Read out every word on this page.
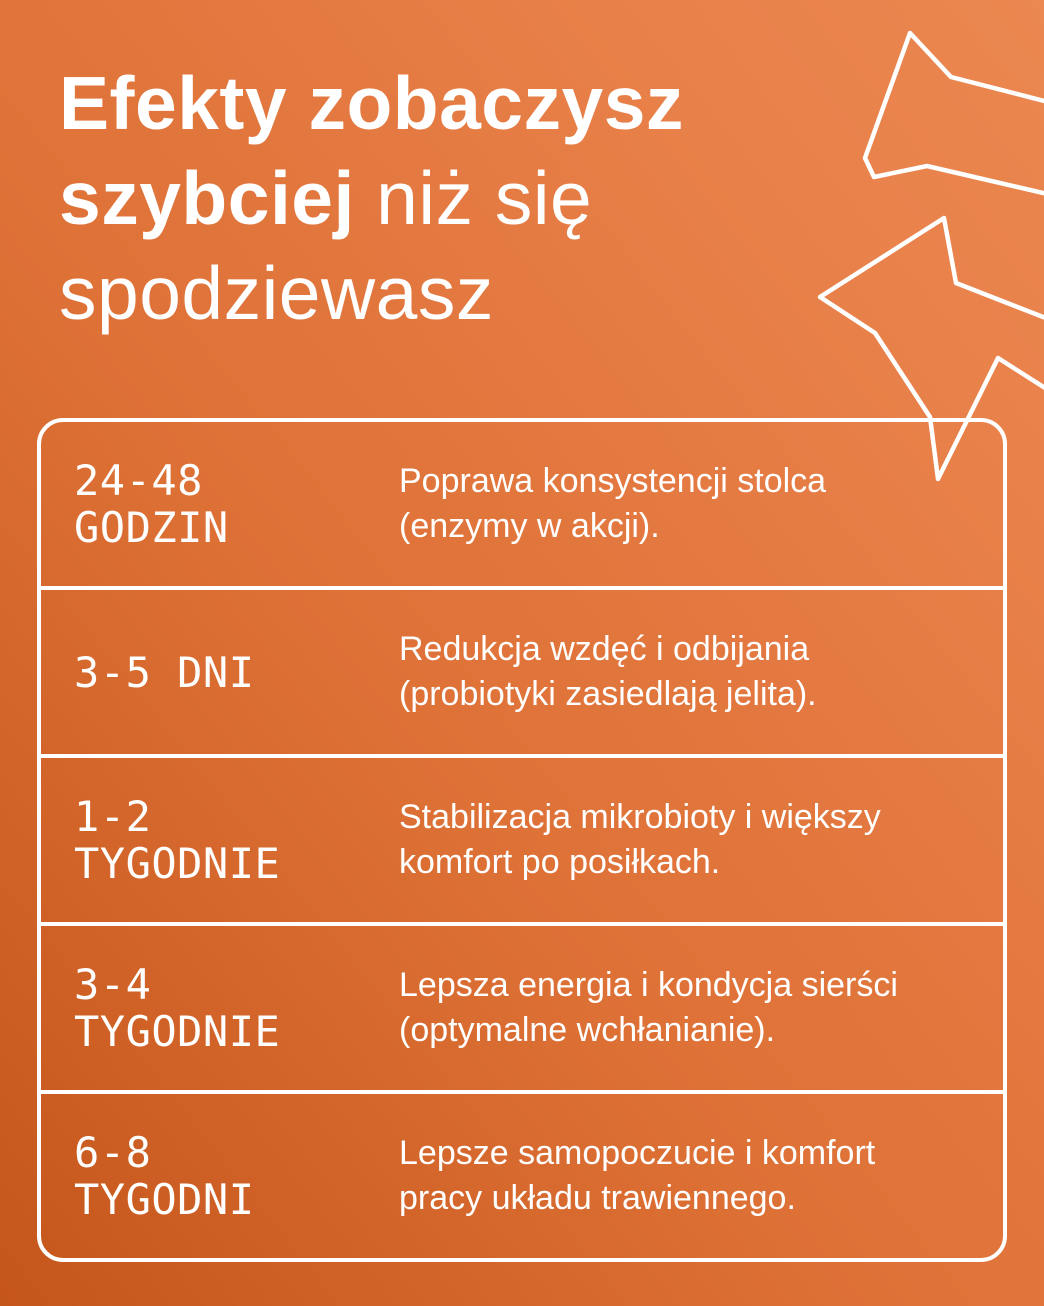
Efekty zobaczysz
szybciej niż się
spodziewasz
24-48
GODZIN
Poprawa konsystencji stolca (enzymy w akcji).
3-5 DNI	Redukcja wzdęć i odbijania (probiotyki zasiedlają jelita).
1-2
TYGODNIE
Stabilizacja mikrobioty i większy komfort po posiłkach.
3-4
TYGODNIE
Lepsza energia i kondycja sierści (optymalne wchłanianie).
6-8
TYGODNI
Lepsze samopoczucie i komfort pracy układu trawiennego.
